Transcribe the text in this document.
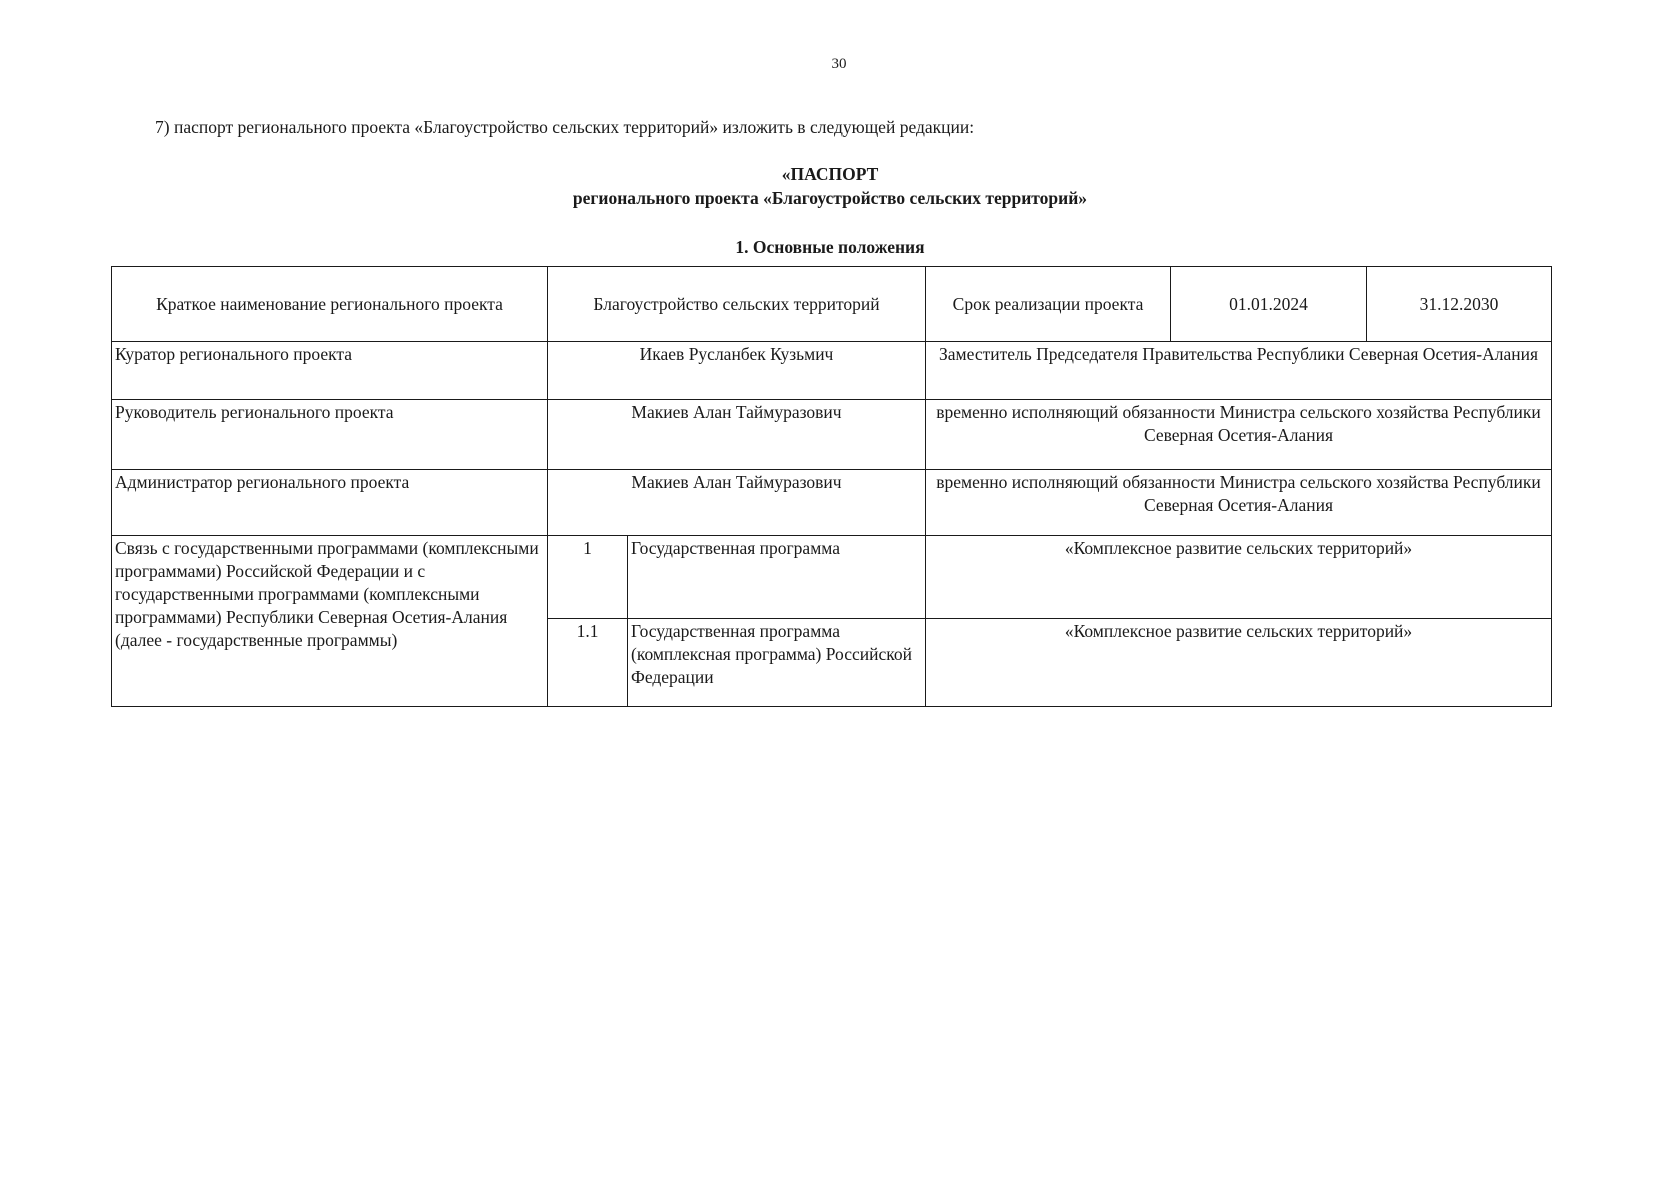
30
7) паспорт регионального проекта «Благоустройство сельских территорий» изложить в следующей редакции:
«ПАСПОРТ
регионального проекта «Благоустройство сельских территорий»
1. Основные положения
Краткое наименование регионального проекта	Благоустройство сельских территорий		Срок реализации проекта	01.01.2024	31.12.2030
Куратор регионального проекта	Икаев Русланбек Кузьмич		Заместитель Председателя Правительства Республики Северная Осетия-Алания		
Руководитель регионального проекта	Макиев Алан Таймуразович		временно исполняющий обязанности Министра сельского хозяйства Республики Северная Осетия-Алания		
Администратор регионального проекта	Макиев Алан Таймуразович		временно исполняющий обязанности Министра сельского хозяйства Республики Северная Осетия-Алания		
Связь с государственными программами (комплексными программами) Российской Федерации и с государственными программами (комплексными программами) Республики Северная Осетия-Алания (далее - государственные программы)	1	Государственная программа	«Комплексное развитие сельских территорий»		
	1.1	Государственная программа (комплексная программа) Российской Федерации	«Комплексное развитие сельских территорий»		
